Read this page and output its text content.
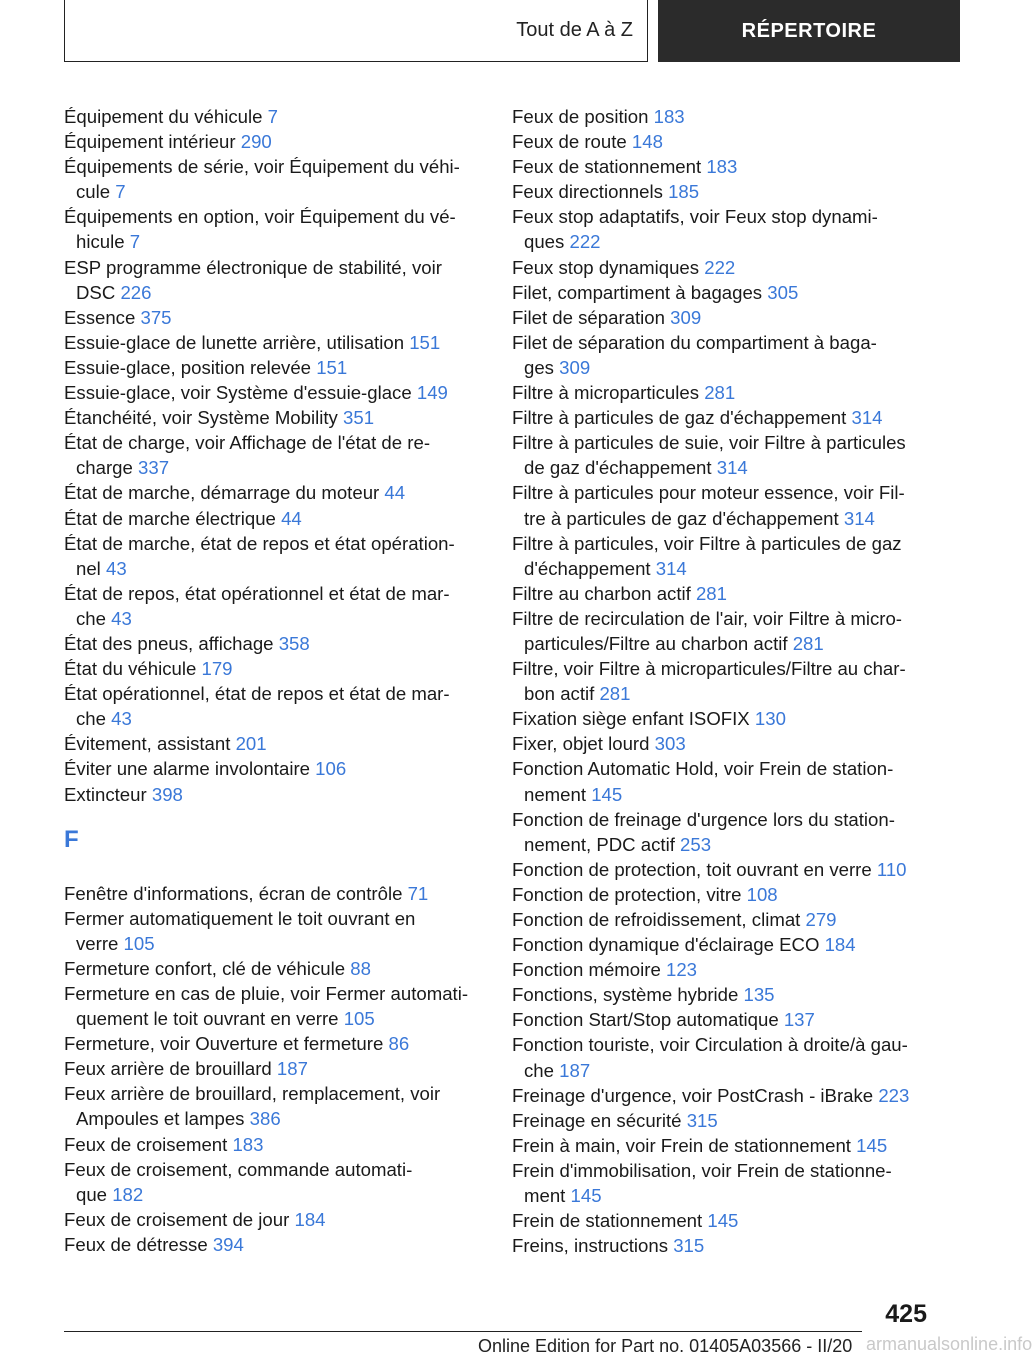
Tout de A à Z	RÉPERTOIRE
Équipement du véhicule 7
Équipement intérieur 290
Équipements de série, voir Équipement du véhi-
cule 7
Équipements en option, voir Équipement du vé-
hicule 7
ESP programme électronique de stabilité, voir
DSC 226
Essence 375
Essuie-glace de lunette arrière, utilisation 151
Essuie-glace, position relevée 151
Essuie-glace, voir Système d'essuie-glace 149
Étanchéité, voir Système Mobility 351
État de charge, voir Affichage de l'état de re-
charge 337
État de marche, démarrage du moteur 44
État de marche électrique 44
État de marche, état de repos et état opération-
nel 43
État de repos, état opérationnel et état de mar-
che 43
État des pneus, affichage 358
État du véhicule 179
État opérationnel, état de repos et état de mar-
che 43
Évitement, assistant 201
Éviter une alarme involontaire 106
Extincteur 398
F
Fenêtre d'informations, écran de contrôle 71
Fermer automatiquement le toit ouvrant en
verre 105
Fermeture confort, clé de véhicule 88
Fermeture en cas de pluie, voir Fermer automati-
quement le toit ouvrant en verre 105
Fermeture, voir Ouverture et fermeture 86
Feux arrière de brouillard 187
Feux arrière de brouillard, remplacement, voir
Ampoules et lampes 386
Feux de croisement 183
Feux de croisement, commande automati-
que 182
Feux de croisement de jour 184
Feux de détresse 394
Feux de position 183
Feux de route 148
Feux de stationnement 183
Feux directionnels 185
Feux stop adaptatifs, voir Feux stop dynami-
ques 222
Feux stop dynamiques 222
Filet, compartiment à bagages 305
Filet de séparation 309
Filet de séparation du compartiment à baga-
ges 309
Filtre à microparticules 281
Filtre à particules de gaz d'échappement 314
Filtre à particules de suie, voir Filtre à particules
de gaz d'échappement 314
Filtre à particules pour moteur essence, voir Fil-
tre à particules de gaz d'échappement 314
Filtre à particules, voir Filtre à particules de gaz
d'échappement 314
Filtre au charbon actif 281
Filtre de recirculation de l'air, voir Filtre à micro-
particules/Filtre au charbon actif 281
Filtre, voir Filtre à microparticules/Filtre au char-
bon actif 281
Fixation siège enfant ISOFIX 130
Fixer, objet lourd 303
Fonction Automatic Hold, voir Frein de station-
nement 145
Fonction de freinage d'urgence lors du station-
nement, PDC actif 253
Fonction de protection, toit ouvrant en verre 110
Fonction de protection, vitre 108
Fonction de refroidissement, climat 279
Fonction dynamique d'éclairage ECO 184
Fonction mémoire 123
Fonctions, système hybride 135
Fonction Start/Stop automatique 137
Fonction touriste, voir Circulation à droite/à gau-
che 187
Freinage d'urgence, voir PostCrash - iBrake 223
Freinage en sécurité 315
Frein à main, voir Frein de stationnement 145
Frein d'immobilisation, voir Frein de stationne-
ment 145
Frein de stationnement 145
Freins, instructions 315
425
Online Edition for Part no. 01405A03566 - II/20 armanualsonline.info
